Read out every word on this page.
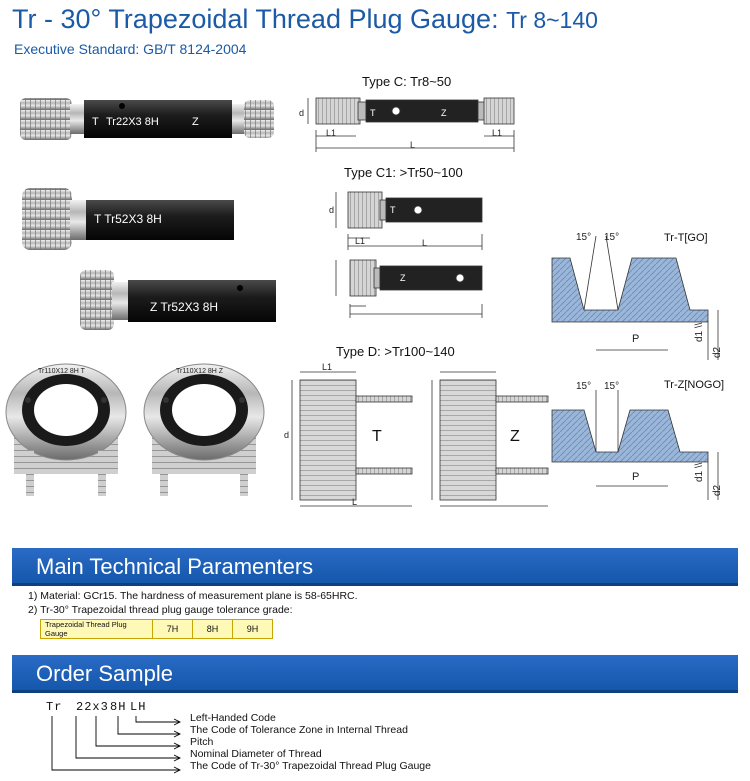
Tr - 30° Trapezoidal Thread Plug Gauge: Tr 8~140
Executive Standard: GB/T 8124-2004
T Tr22X3 8H	Z
T Tr52X3 8H
Z Tr52X3 8H
Tr110X12 8H T	Tr110X12 8H Z
Type C: Tr8~50
d	T	Z
L1
L
L1
Type C1: >Tr50~100
d	T
Z
L1	L
Type D: >Tr100~140
L1
d	T	Z
L
Tr-T[GO]
15° 15°
P	d1 \\
d2
Tr-Z[NOGO]
15° 15°
P	d1 \\
d2
Main Technical Paramenters
1) Material: GCr15. The hardness of measurement plane is 58-65HRC.
2) Tr-30° Trapezoidal thread plug gauge tolerance grade:
Trapezoidal Thread Plug Gauge	7H	8H	9H
Order Sample
Tr 22x3 8H LH
Left-Handed Code
The Code of Tolerance Zone in Internal Thread
Pitch
Nominal Diameter of Thread
The Code of Tr-30° Trapezoidal Thread Plug Gauge
